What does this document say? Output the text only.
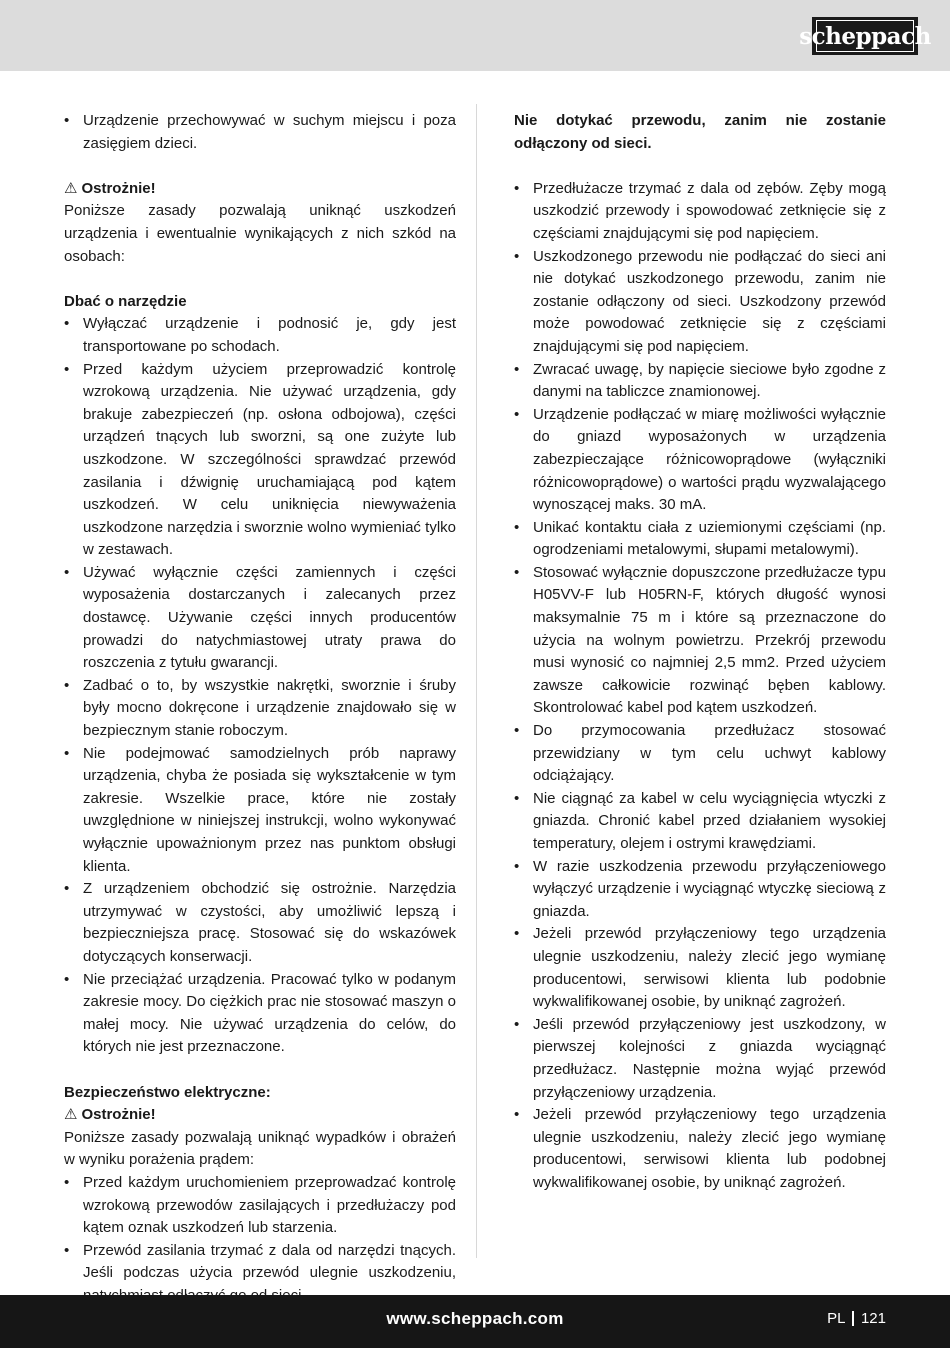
scheppach
• Urządzenie przechowywać w suchym miejscu i poza zasięgiem dzieci.

⚠ Ostrożnie!

Poniższe zasady pozwalają uniknąć uszkodzeń urządzenia i ewentualnie wynikających z nich szkód na osobach:

Dbać o narzędzie

• Wyłączać urządzenie i podnosić je, gdy jest transportowane po schodach.
• Przed każdym użyciem przeprowadzić kontrolę wzrokową urządzenia. Nie używać urządzenia, gdy brakuje zabezpieczeń (np. osłona odbojowa), części urządzeń tnących lub sworzni, są one zużyte lub uszkodzone. W szczególności sprawdzać przewód zasilania i dźwignię uruchamiającą pod kątem uszkodzeń. W celu uniknięcia niewyważenia uszkodzone narzędzia i sworznie wolno wymieniać tylko w zestawach.
• Używać wyłącznie części zamiennych i części wyposażenia dostarczanych i zalecanych przez dostawcę. Używanie części innych producentów prowadzi do natychmiastowej utraty prawa do roszczenia z tytułu gwarancji.
• Zadbać o to, by wszystkie nakrętki, sworznie i śruby były mocno dokręcone i urządzenie znajdowało się w bezpiecznym stanie roboczym.
• Nie podejmować samodzielnych prób naprawy urządzenia, chyba że posiada się wykształcenie w tym zakresie. Wszelkie prace, które nie zostały uwzględnione w niniejszej instrukcji, wolno wykonywać wyłącznie upoważnionym przez nas punktom obsługi klienta.
• Z urządzeniem obchodzić się ostrożnie. Narzędzia utrzymywać w czystości, aby umożliwić lepszą i bezpieczniejsza pracę. Stosować się do wskazówek dotyczących konserwacji.
• Nie przeciążać urządzenia. Pracować tylko w podanym zakresie mocy. Do ciężkich prac nie stosować maszyn o małej mocy. Nie używać urządzenia do celów, do których nie jest przeznaczone.

Bezpieczeństwo elektryczne:

⚠ Ostrożnie!

Poniższe zasady pozwalają uniknąć wypadków i obrażeń w wyniku porażenia prądem:

• Przed każdym uruchomieniem przeprowadzać kontrolę wzrokową przewodów zasilających i przedłużaczy pod kątem oznak uszkodzeń lub starzenia.
• Przewód zasilania trzymać z dala od narzędzi tnących. Jeśli podczas użycia przewód ulegnie uszkodzeniu,

Nie dotykać przewodu, zanim nie zostanie odłączony od sieci.

• Przedłużacze trzymać z dala od zębów. Zęby mogą uszkodzić przewody i spowodować zetknięcie się z częściami znajdującymi się pod napięciem.
• Uszkodzonego przewodu nie podłączać do sieci ani nie dotykać uszkodzonego przewodu, zanim nie zostanie odłączony od sieci. Uszkodzony przewód może powodować zetknięcie się z częściami znajdującymi się pod napięciem.
• Zwracać uwagę, by napięcie sieciowe było zgodne z danymi na tabliczce znamionowej.
• Urządzenie podłączać w miarę możliwości wyłącznie do gniazd wyposażonych w urządzenia zabezpieczające różnicowoprądowe (wyłączniki różnicowoprądowe) o wartości prądu wyzwalającego wynoszącej maks. 30 mA.
• Unikać kontaktu ciała z uziemionymi częściami (np. ogrodzeniami metalowymi, słupami metalowymi).
• Stosować wyłącznie dopuszczone przedłużacze typu H05VV-F lub H05RN-F, których długość wynosi maksymalnie 75 m i które są przeznaczone do użycia na wolnym powietrzu. Przekrój przewodu musi wynosić co najmniej 2,5 mm2. Przed użyciem zawsze całkowicie rozwinąć bęben kablowy. Skontrolować kabel pod kątem uszkodzeń.
• Do przymocowania przedłużacz stosować przewidziany w tym celu uchwyt kablowy odciążający.
• Nie ciągnąć za kabel w celu wyciągnięcia wtyczki z gniazda. Chronić kabel przed działaniem wysokiej temperatury, olejem i ostrymi krawędziami.
• W razie uszkodzenia przewodu przyłączeniowego wyłączyć urządzenie i wyciągnąć wtyczkę sieciową z gniazda.
• Jeżeli przewód przyłączeniowy tego urządzenia ulegnie uszkodzeniu, należy zlecić jego wymianę producentowi, serwisowi klienta lub podobnie wykwalifikowanej osobie, by uniknąć zagrożeń.
• Jeśli przewód przyłączeniowy jest uszkodzony, w pierwszej kolejności z gniazda wyciągnąć przedłużacz. Następnie można wyjąć przewód przyłączeniowy urządzenia.
• Jeżeli przewód przyłączeniowy tego urządzenia ulegnie uszkodzeniu, należy zlecić jego wymianę producentowi, serwisowi klienta lub podobnej wykwalifikowanej osobie, by uniknąć zagrożeń.
www.scheppach.com	PL 121
